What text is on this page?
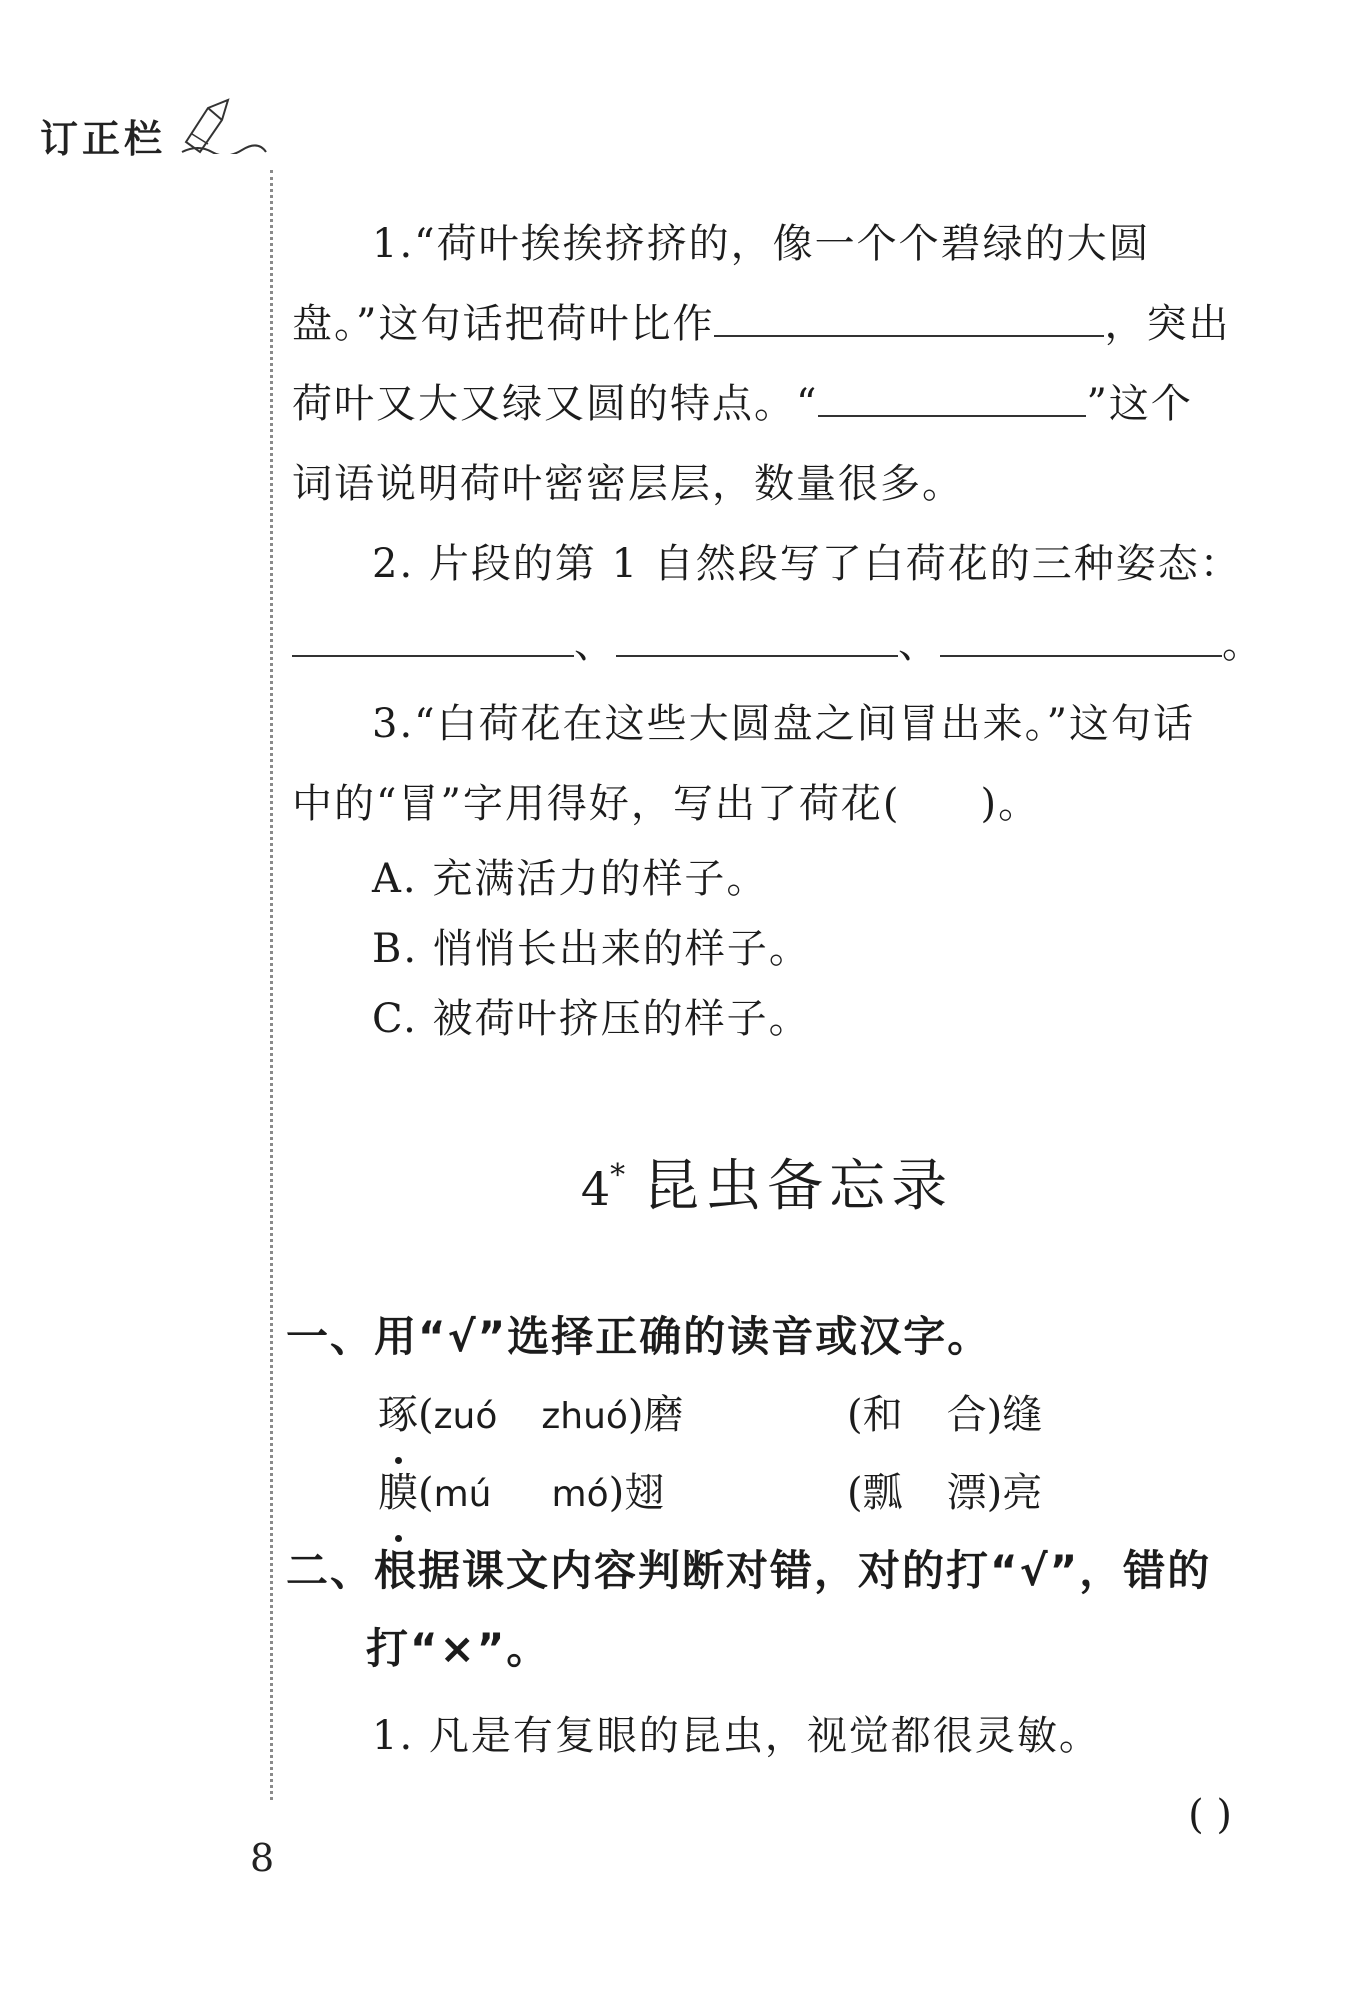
订正栏
8

1.“荷叶挨挨挤挤的，像一个个碧绿的大圆

盘。”这句话把荷叶比作	，突出

荷叶又大又绿又圆的特点。“	”这个

词语说明荷叶密密层层，数量很多。

2. 片段的第 1 自然段写了白荷花的三种姿态：

、	、	。

3.“白荷花在这些大圆盘之间冒出来。”这句话

中的“冒”字用得好，写出了荷花( )。

A. 充满活力的样子。

B. 悄悄长出来的样子。

C. 被荷叶挤压的样子。

4* 昆虫备忘录

一、用“√”选择正确的读音或汉字。

琢(zuó zhuó)磨	(和 合)缝
膜(mú mó)翅	(瓢 漂)亮

二、根据课文内容判断对错，对的打“√”，错的

打“×”。

1. 凡是有复眼的昆虫，视觉都很灵敏。

( )
